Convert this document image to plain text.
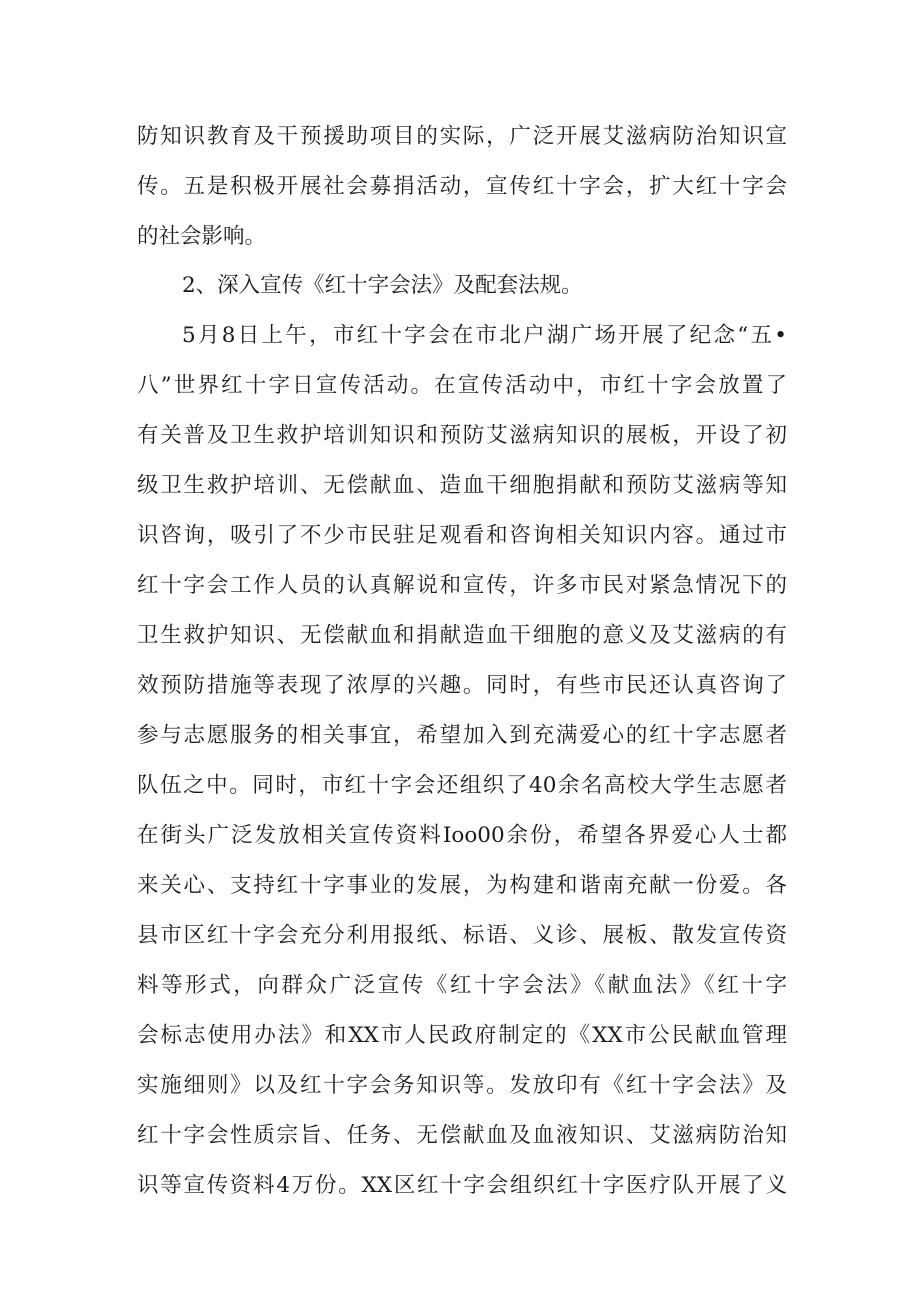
防知识教育及干预援助项目的实际，广泛开展艾滋病防治知识宣
传。五是积极开展社会募捐活动，宣传红十字会，扩大红十字会
的社会影响。
2、深入宣传《红十字会法》及配套法规。
5月8日上午，市红十字会在市北户湖广场开展了纪念“五•
八”世界红十字日宣传活动。在宣传活动中，市红十字会放置了
有关普及卫生救护培训知识和预防艾滋病知识的展板，开设了初
级卫生救护培训、无偿献血、造血干细胞捐献和预防艾滋病等知
识咨询，吸引了不少市民驻足观看和咨询相关知识内容。通过市
红十字会工作人员的认真解说和宣传，许多市民对紧急情况下的
卫生救护知识、无偿献血和捐献造血干细胞的意义及艾滋病的有
效预防措施等表现了浓厚的兴趣。同时，有些市民还认真咨询了
参与志愿服务的相关事宜，希望加入到充满爱心的红十字志愿者
队伍之中。同时，市红十字会还组织了40余名高校大学生志愿者
在街头广泛发放相关宣传资料Ioo00余份，希望各界爱心人士都
来关心、支持红十字事业的发展，为构建和谐南充献一份爱。各
县市区红十字会充分利用报纸、标语、义诊、展板、散发宣传资
料等形式，向群众广泛宣传《红十字会法》《献血法》《红十字
会标志使用办法》和XX市人民政府制定的《XX市公民献血管理
实施细则》以及红十字会务知识等。发放印有《红十字会法》及
红十字会性质宗旨、任务、无偿献血及血液知识、艾滋病防治知
识等宣传资料4万份。XX区红十字会组织红十字医疗队开展了义
